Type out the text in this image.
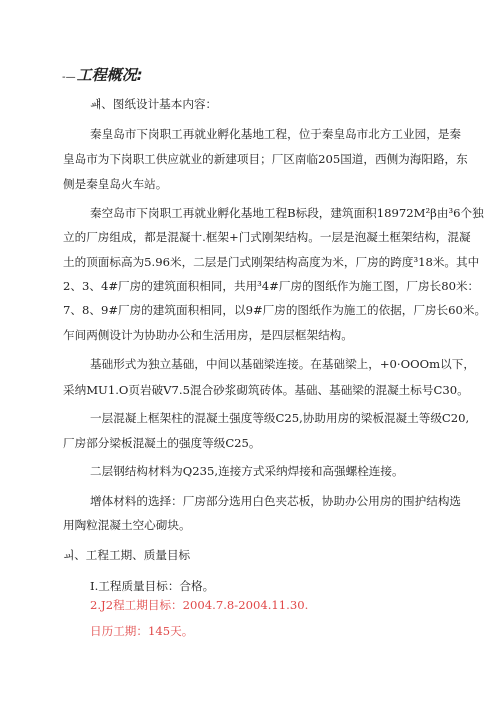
-—工程概况:
ㆈ、图纸设计基本内容：
秦皇岛市下岗职工再就业孵化基地工程，位于秦皇岛市北方工业园，是秦
皇岛市为下岗职工供应就业的新建项目；厂区南临205国道，西侧为海阳路，东
侧是秦皇岛火车站。
秦空岛市下岗职工再就业孵化基地工程B标段，建筑面积18972M²β由³6个独
立的厂房组成，都是混凝十.框架+门式刚架结构。一层是泡凝土框架结构，混凝
土的顶面标高为5.96米，二层是门式刚架结构高度为米，厂房的跨度³18米。其中
2、3、4#厂房的建筑面积相同，共用³4#厂房的图纸作为施工图，厂房长80米：
7、8、9#厂房的建筑面积相同，以9#厂房的图纸作为施工的依据，厂房长60米。
乍间两侧设计为协助办公和生活用房，是四层框架结构。
基础形式为独立基础，中间以基础梁连接。在基础梁上，+0·OOOm以下，
采纳MU1.O页岩破V7.5混合砂浆砌筑砖体。基础、基础梁的混凝土标号C30。
一层混凝上框架柱的混凝土强度等级C25,协助用房的梁板混凝土等级C20,
厂房部分梁板混凝土的强度等级C25。
二层钢结构材料为Q235,连接方式采纳焊接和高强螺栓连接。
增体材料的选择：厂房部分选用白色夹芯板，协助办公用房的围护结构选
用陶粒混凝土空心砌块。
ㆉ、工程工期、质量目标
I.工程质量目标：合格。
2.J2程工期目标：2004.7.8-2004.11.30.
日历工期：145天。
